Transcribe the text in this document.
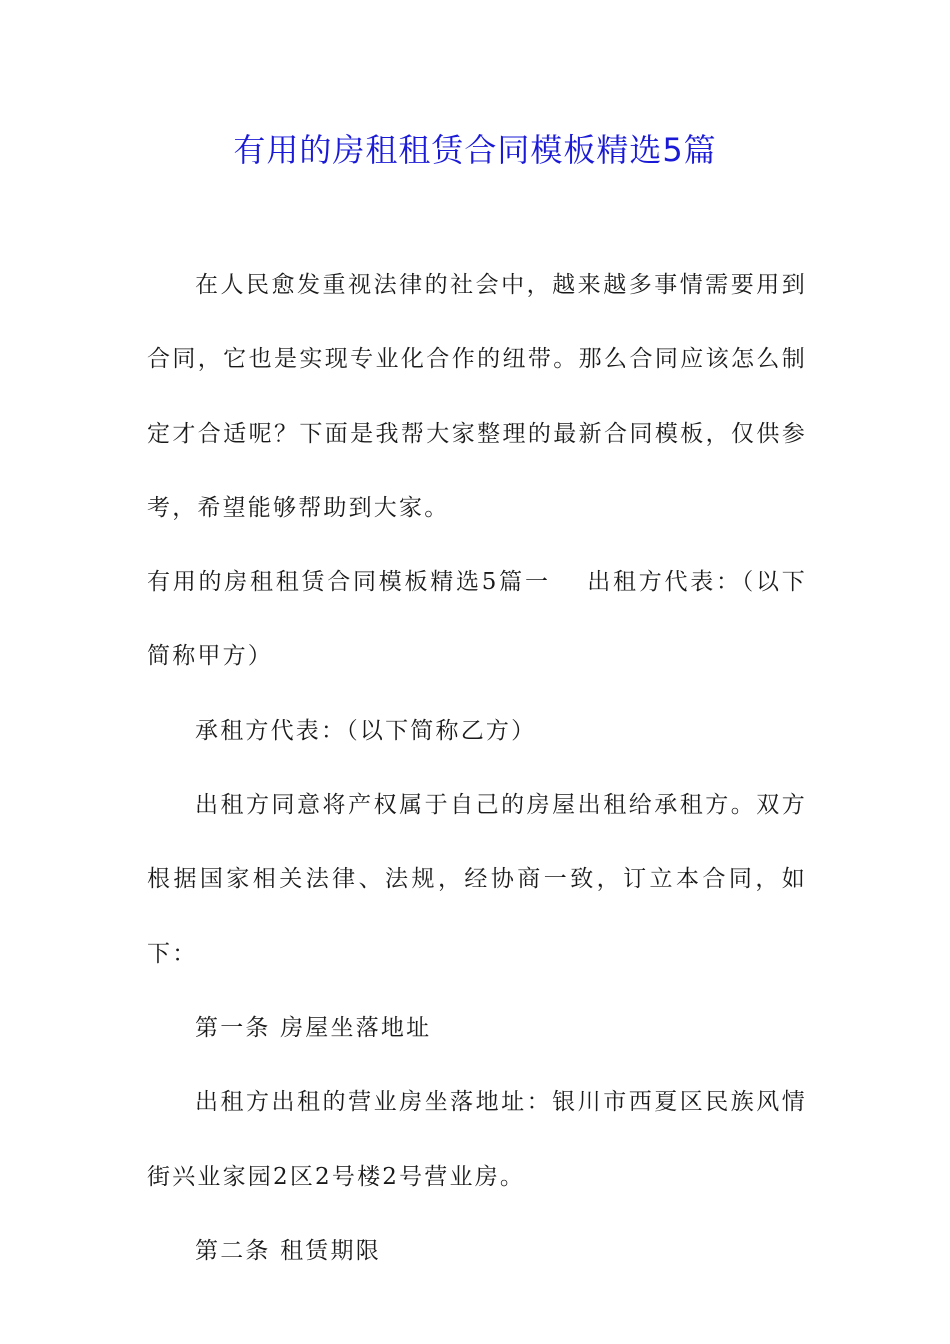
有用的房租租赁合同模板精选5篇

在人民愈发重视法律的社会中，越来越多事情需要用到合同，它也是实现专业化合作的纽带。那么合同应该怎么制定才合适呢？下面是我帮大家整理的最新合同模板，仅供参考，希望能够帮助到大家。

有用的房租租赁合同模板精选5篇一 出租方代表：（以下简称甲方）

承租方代表：（以下简称乙方）

出租方同意将产权属于自己的房屋出租给承租方。双方根据国家相关法律、法规，经协商一致，订立本合同，如下：

第一条 房屋坐落地址

出租方出租的营业房坐落地址：银川市西夏区民族风情街兴业家园2区2号楼2号营业房。

第二条 租赁期限
